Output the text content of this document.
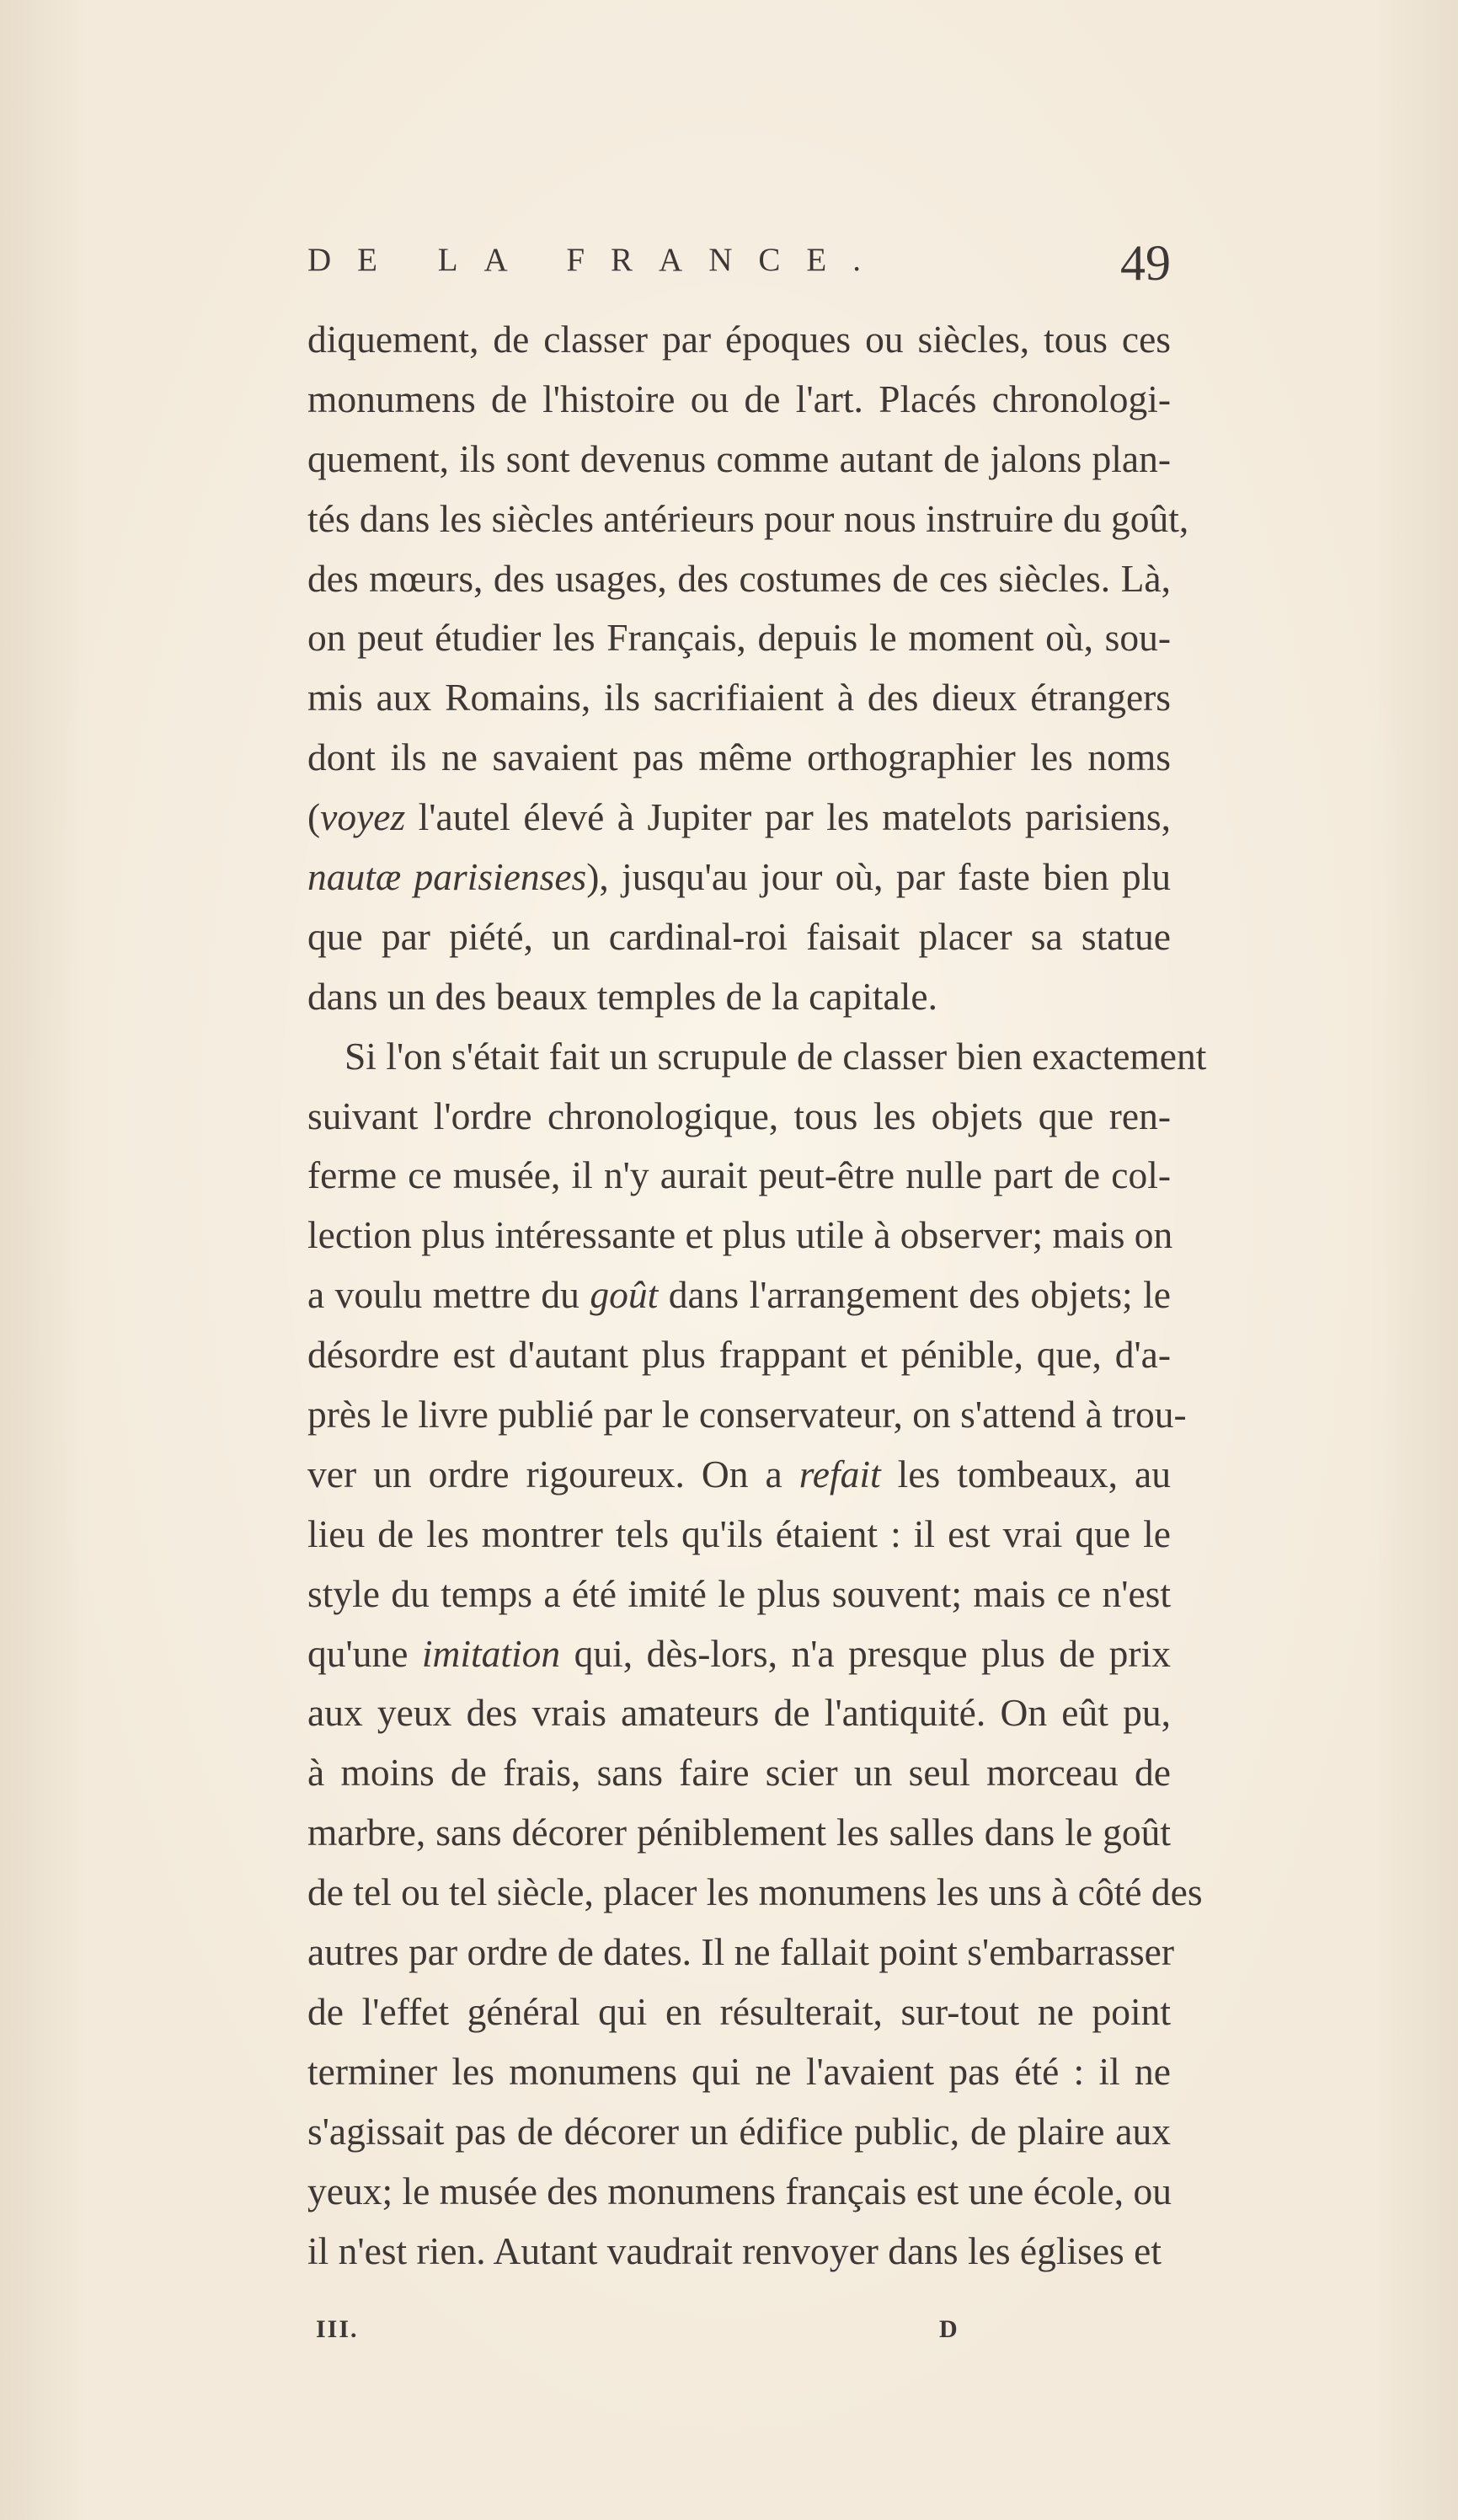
DE LA FRANCE.	49
diquement, de classer par époques ou siècles, tous ces
monumens de l'histoire ou de l'art. Placés chronologi-
quement, ils sont devenus comme autant de jalons plan-
tés dans les siècles antérieurs pour nous instruire du goût,
des mœurs, des usages, des costumes de ces siècles. Là,
on peut étudier les Français, depuis le moment où, sou-
mis aux Romains, ils sacrifiaient à des dieux étrangers
dont ils ne savaient pas même orthographier les noms
(voyez l'autel élevé à Jupiter par les matelots parisiens,
nautæ parisienses), jusqu'au jour où, par faste bien plu
que par piété, un cardinal-roi faisait placer sa statue
dans un des beaux temples de la capitale.
Si l'on s'était fait un scrupule de classer bien exactement
suivant l'ordre chronologique, tous les objets que ren-
ferme ce musée, il n'y aurait peut-être nulle part de col-
lection plus intéressante et plus utile à observer; mais on
a voulu mettre du goût dans l'arrangement des objets; le
désordre est d'autant plus frappant et pénible, que, d'a-
près le livre publié par le conservateur, on s'attend à trou-
ver un ordre rigoureux. On a refait les tombeaux, au
lieu de les montrer tels qu'ils étaient : il est vrai que le
style du temps a été imité le plus souvent; mais ce n'est
qu'une imitation qui, dès-lors, n'a presque plus de prix
aux yeux des vrais amateurs de l'antiquité. On eût pu,
à moins de frais, sans faire scier un seul morceau de
marbre, sans décorer péniblement les salles dans le goût
de tel ou tel siècle, placer les monumens les uns à côté des
autres par ordre de dates. Il ne fallait point s'embarrasser
de l'effet général qui en résulterait, sur-tout ne point
terminer les monumens qui ne l'avaient pas été : il ne
s'agissait pas de décorer un édifice public, de plaire aux
yeux; le musée des monumens français est une école, ou
il n'est rien. Autant vaudrait renvoyer dans les églises et
III.	D
